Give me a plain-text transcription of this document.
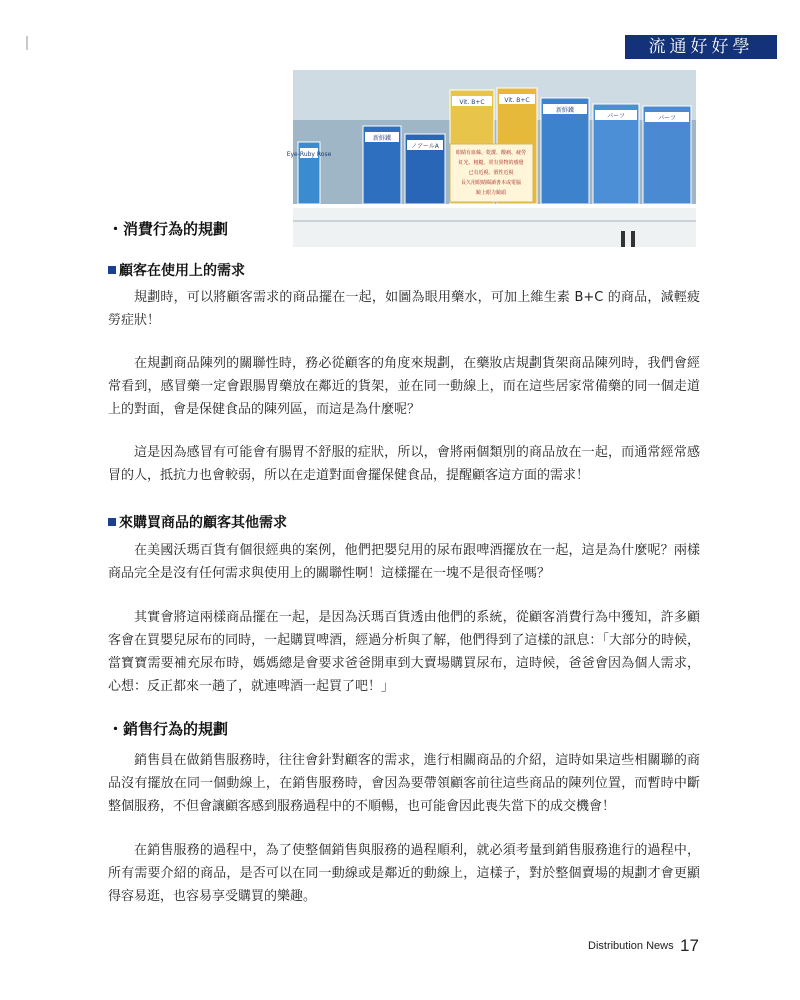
流通好好學
Eye-Ruby Rose
新鮮鐵
ノアールA
Vit. B+C	Vit. B+C
新鮮鐵
パーフ	パーフ
眼睛有血絲、乾澀、酸痛、疲勞
紅光、粗糙、常有異物的感覺
已有近視、假性近視
長久用眼睛閱讀書本或電腦
鏡上眼力鏡頭
・消費行為的規劃
顧客在使用上的需求

規劃時，可以將顧客需求的商品擺在一起，如圖為眼用藥水，可加上維生素 B+C 的商品，減輕疲勞症狀！

在規劃商品陳列的關聯性時，務必從顧客的角度來規劃，在藥妝店規劃貨架商品陳列時，我們會經常看到，感冒藥一定會跟腸胃藥放在鄰近的貨架，並在同一動線上，而在這些居家常備藥的同一個走道上的對面，會是保健食品的陳列區，而這是為什麼呢？

這是因為感冒有可能會有腸胃不舒服的症狀，所以，會將兩個類別的商品放在一起，而通常經常感冒的人，抵抗力也會較弱，所以在走道對面會擺保健食品，提醒顧客這方面的需求！

來購買商品的顧客其他需求

在美國沃瑪百貨有個很經典的案例，他們把嬰兒用的尿布跟啤酒擺放在一起，這是為什麼呢？兩樣商品完全是沒有任何需求與使用上的關聯性啊！這樣擺在一塊不是很奇怪嗎？

其實會將這兩樣商品擺在一起，是因為沃瑪百貨透由他們的系統，從顧客消費行為中獲知，許多顧客會在買嬰兒尿布的同時，一起購買啤酒，經過分析與了解，他們得到了這樣的訊息：「大部分的時候，當寶寶需要補充尿布時，媽媽總是會要求爸爸開車到大賣場購買尿布，這時候，爸爸會因為個人需求，心想：反正都來一趟了，就連啤酒一起買了吧！」

・銷售行為的規劃

銷售員在做銷售服務時，往往會針對顧客的需求，進行相關商品的介紹，這時如果這些相關聯的商品沒有擺放在同一個動線上，在銷售服務時，會因為要帶領顧客前往這些商品的陳列位置，而暫時中斷整個服務，不但會讓顧客感到服務過程中的不順暢，也可能會因此喪失當下的成交機會！

在銷售服務的過程中，為了使整個銷售與服務的過程順利，就必須考量到銷售服務進行的過程中，所有需要介紹的商品，是否可以在同一動線或是鄰近的動線上，這樣子，對於整個賣場的規劃才會更顯得容易逛，也容易享受購買的樂趣。

Distribution News 17
